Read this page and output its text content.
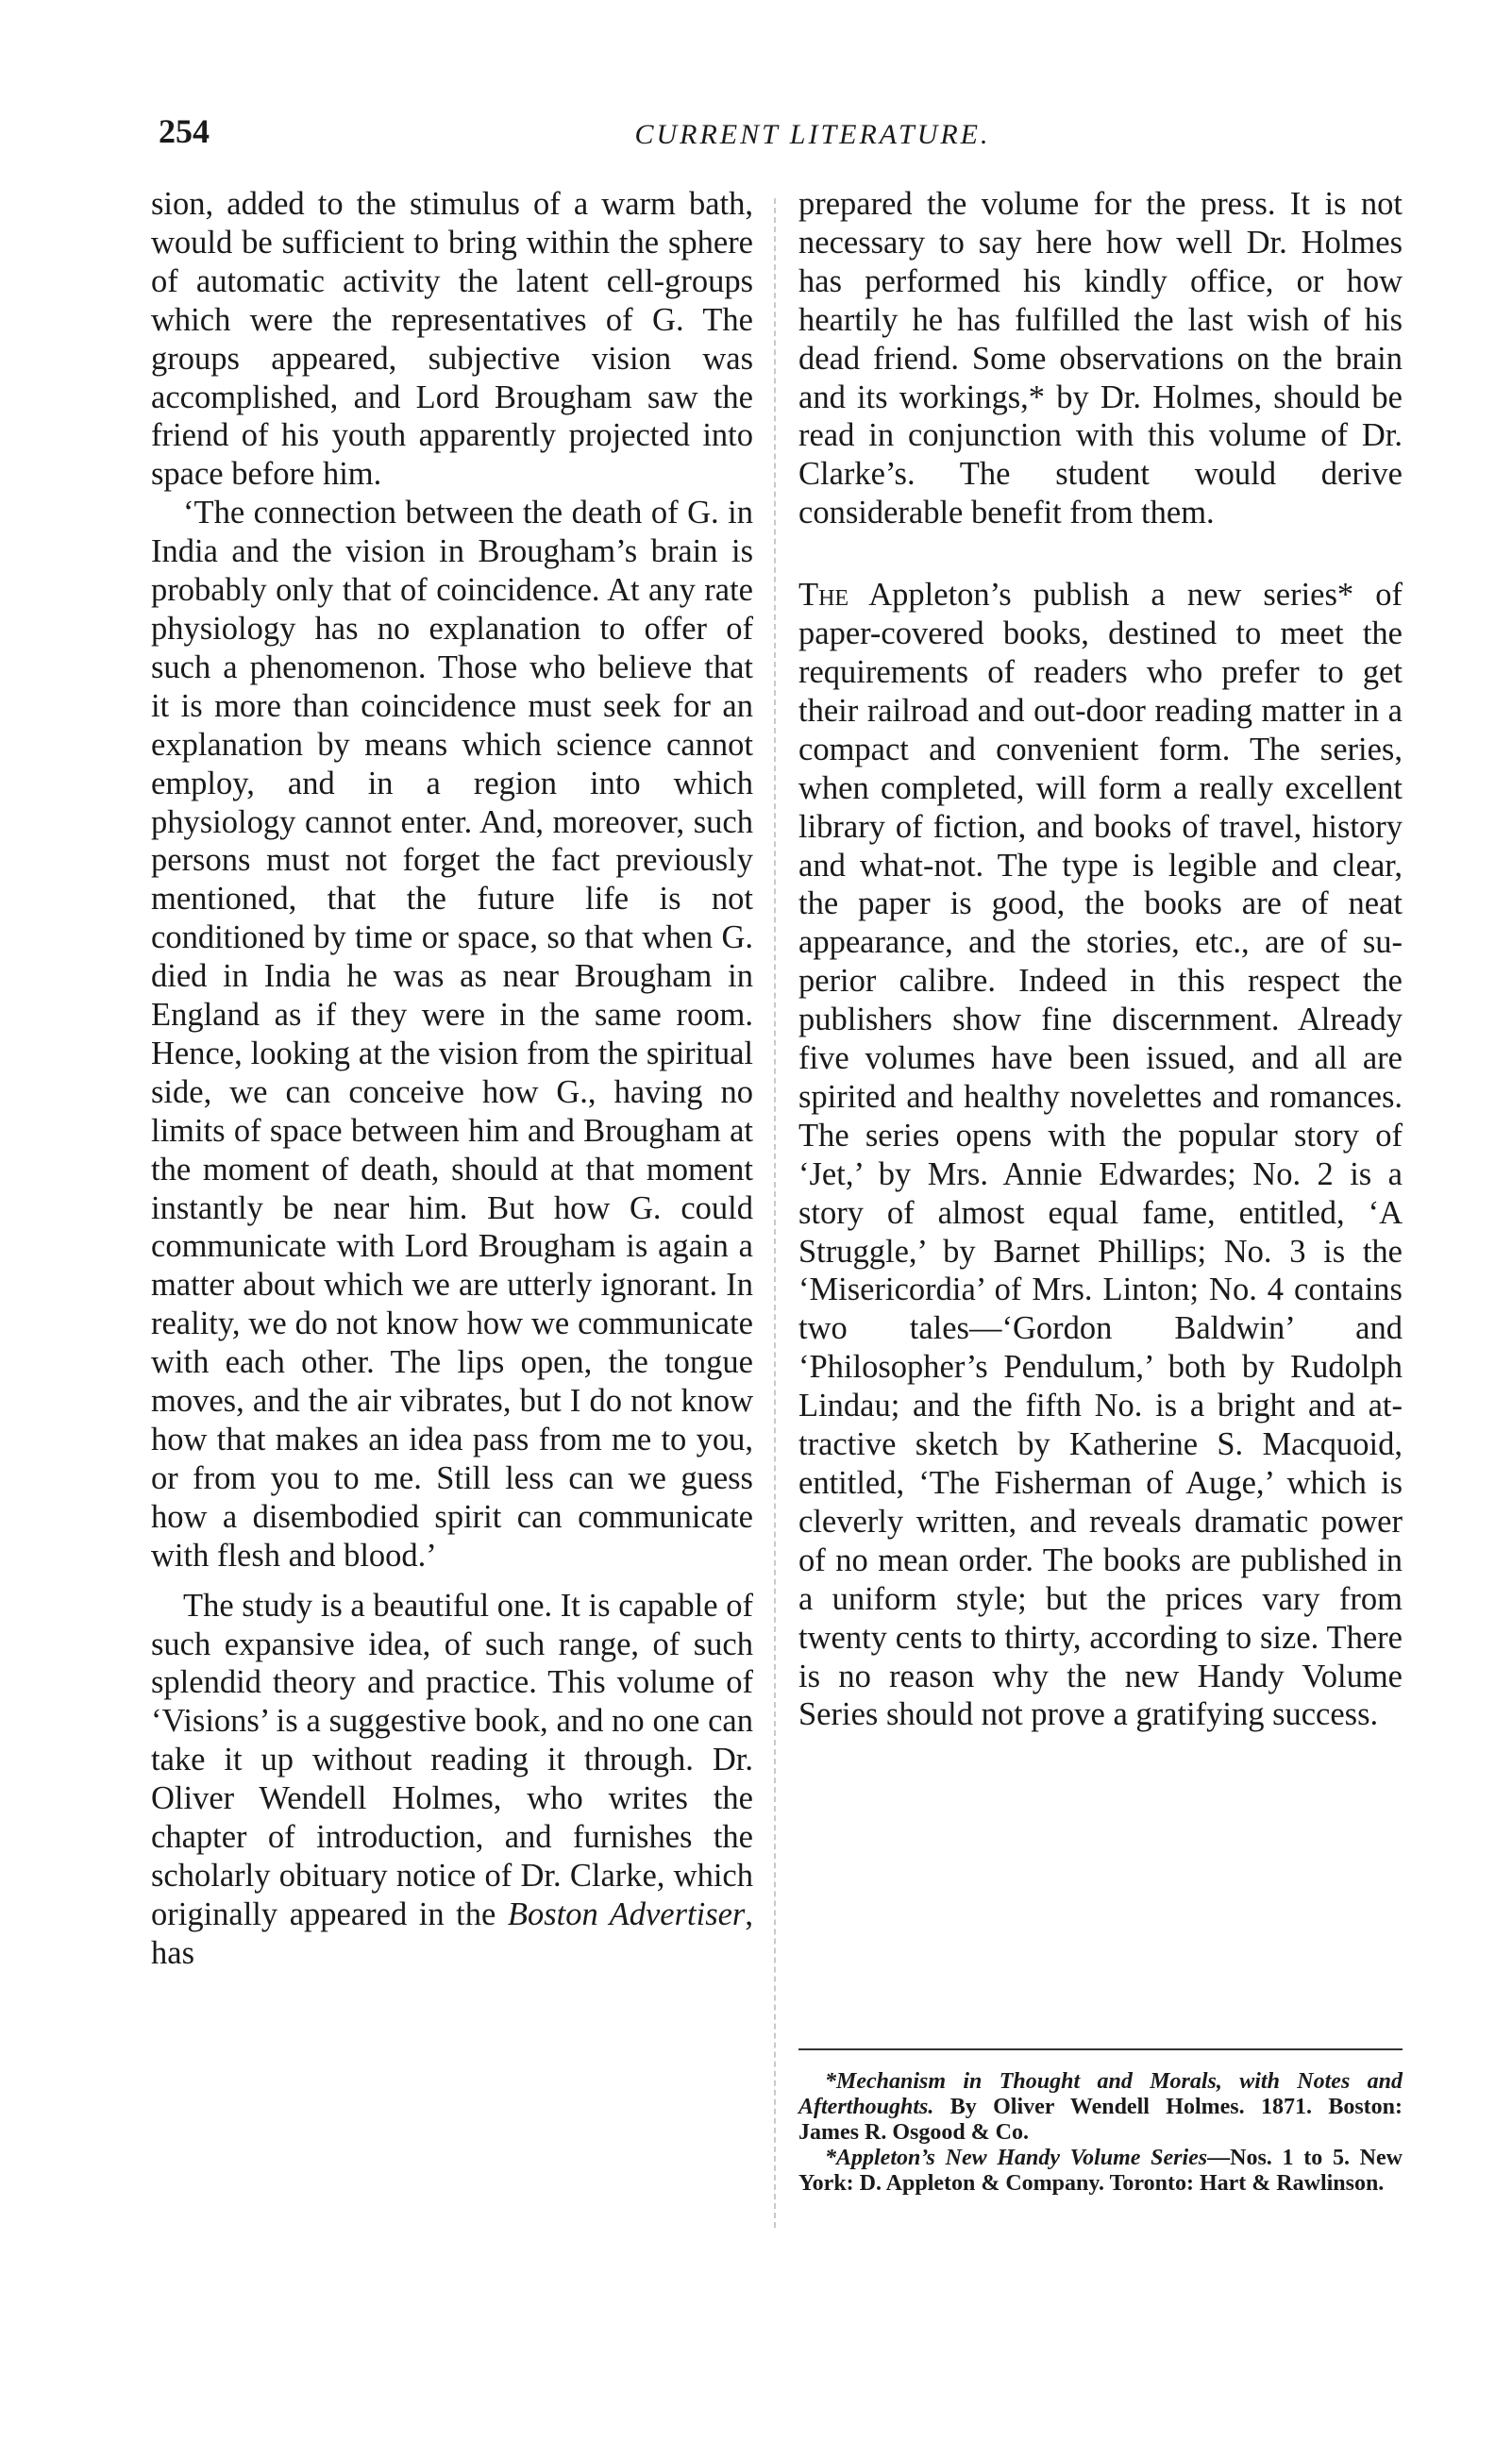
254	CURRENT LITERATURE.

sion, added to the stimulus of a warm bath, would be sufficient to bring within the sphere of automatic activity the latent cell-groups which were the representatives of G. The groups appeared, subjective vision was accomplished, and Lord Brougham saw the friend of his youth apparently projected into space before him.

‘The connection between the death of G. in India and the vision in Brougham’s brain is probably only that of coincidence. At any rate physiology has no explanation to offer of such a phenomenon. Those who believe that it is more than coincidence must seek for an explanation by means which science cannot employ, and in a region into which physiology cannot enter. And, moreover, such persons must not forget the fact previously mentioned, that the future life is not conditioned by time or space, so that when G. died in India he was as near Brougham in England as if they were in the same room. Hence, looking at the vision from the spiritual side, we can conceive how G., having no limits of space between him and Brougham at the moment of death, should at that moment instantly be near him. But how G. could communicate with Lord Brougham is again a matter about which we are utterly ignorant. In reality, we do not know how we communicate with each other. The lips open, the tongue moves, and the air vibrates, but I do not know how that makes an idea pass from me to you, or from you to me. Still less can we guess how a disembodied spirit can communicate with flesh and blood.’

The study is a beautiful one. It is capable of such expansive idea, of such range, of such splendid theory and practice. This volume of ‘Visions’ is a suggestive book, and no one can take it up without reading it through. Dr. Oliver Wendell Holmes, who writes the chapter of introduction, and furnishes the scholarly obituary notice of Dr. Clarke, which originally appeared in the Boston Advertiser, has

prepared the volume for the press. It is not necessary to say here how well Dr. Holmes has performed his kindly office, or how heartily he has fulfilled the last wish of his dead friend. Some observations on the brain and its workings,* by Dr. Holmes, should be read in conjunction with this volume of Dr. Clarke’s. The student would derive considerable benefit from them.

The Appleton’s publish a new series* of paper-covered books, destined to meet the requirements of readers who prefer to get their railroad and out-door reading matter in a compact and convenient form. The series, when completed, will form a really excellent library of fiction, and books of travel, history and what-not. The type is legible and clear, the paper is good, the books are of neat appearance, and the stories, etc., are of superior calibre. Indeed in this respect the publishers show fine discernment. Already five volumes have been issued, and all are spirited and healthy novelettes and romances. The series opens with the popular story of ‘Jet,’ by Mrs. Annie Edwardes; No. 2 is a story of almost equal fame, entitled, ‘A Struggle,’ by Barnet Phillips; No. 3 is the ‘Misericordia’ of Mrs. Linton; No. 4 contains two tales—‘Gordon Baldwin’ and ‘Philosopher’s Pendulum,’ both by Rudolph Lindau; and the fifth No. is a bright and attractive sketch by Katherine S. Macquoid, entitled, ‘The Fisherman of Auge,’ which is cleverly written, and reveals dramatic power of no mean order. The books are published in a uniform style; but the prices vary from twenty cents to thirty, according to size. There is no reason why the new Handy Volume Series should not prove a gratifying success.

*Mechanism in Thought and Morals, with Notes and Afterthoughts. By Oliver Wendell Holmes. 1871. Boston: James R. Osgood & Co.

*Appleton’s New Handy Volume Series—Nos. 1 to 5. New York: D. Appleton & Company. Toronto: Hart & Rawlinson.
